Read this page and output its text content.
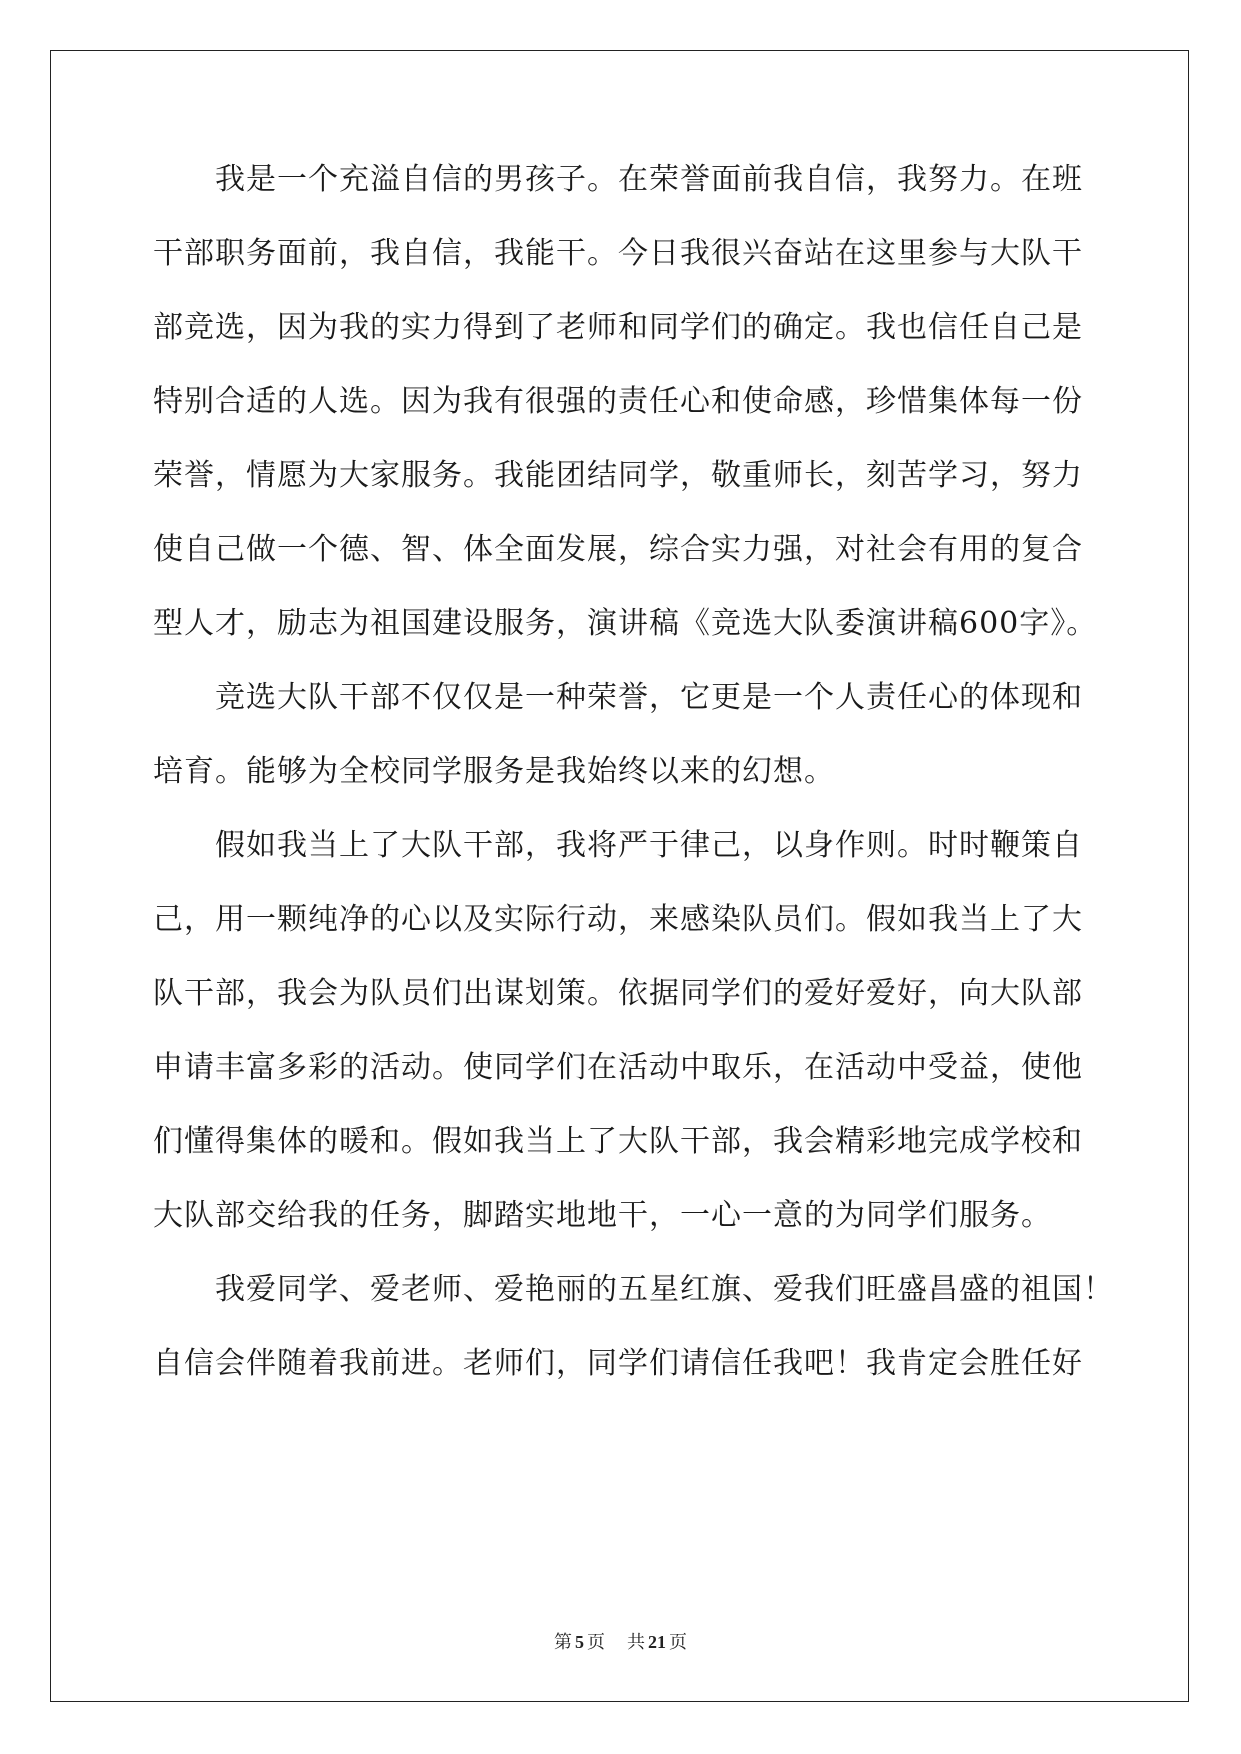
我是一个充溢自信的男孩子。在荣誉面前我自信，我努力。在班
干部职务面前，我自信，我能干。今日我很兴奋站在这里参与大队干
部竞选，因为我的实力得到了老师和同学们的确定。我也信任自己是
特别合适的人选。因为我有很强的责任心和使命感，珍惜集体每一份
荣誉，情愿为大家服务。我能团结同学，敬重师长，刻苦学习，努力
使自己做一个德、智、体全面发展，综合实力强，对社会有用的复合
型人才，励志为祖国建设服务，演讲稿《竞选大队委演讲稿600字》。
竞选大队干部不仅仅是一种荣誉，它更是一个人责任心的体现和
培育。能够为全校同学服务是我始终以来的幻想。
假如我当上了大队干部，我将严于律己，以身作则。时时鞭策自
己，用一颗纯净的心以及实际行动，来感染队员们。假如我当上了大
队干部，我会为队员们出谋划策。依据同学们的爱好爱好，向大队部
申请丰富多彩的活动。使同学们在活动中取乐，在活动中受益，使他
们懂得集体的暖和。假如我当上了大队干部，我会精彩地完成学校和
大队部交给我的任务，脚踏实地地干，一心一意的为同学们服务。
我爱同学、爱老师、爱艳丽的五星红旗、爱我们旺盛昌盛的祖国！
自信会伴随着我前进。老师们，同学们请信任我吧！我肯定会胜任好
第 5 页 共 21 页
